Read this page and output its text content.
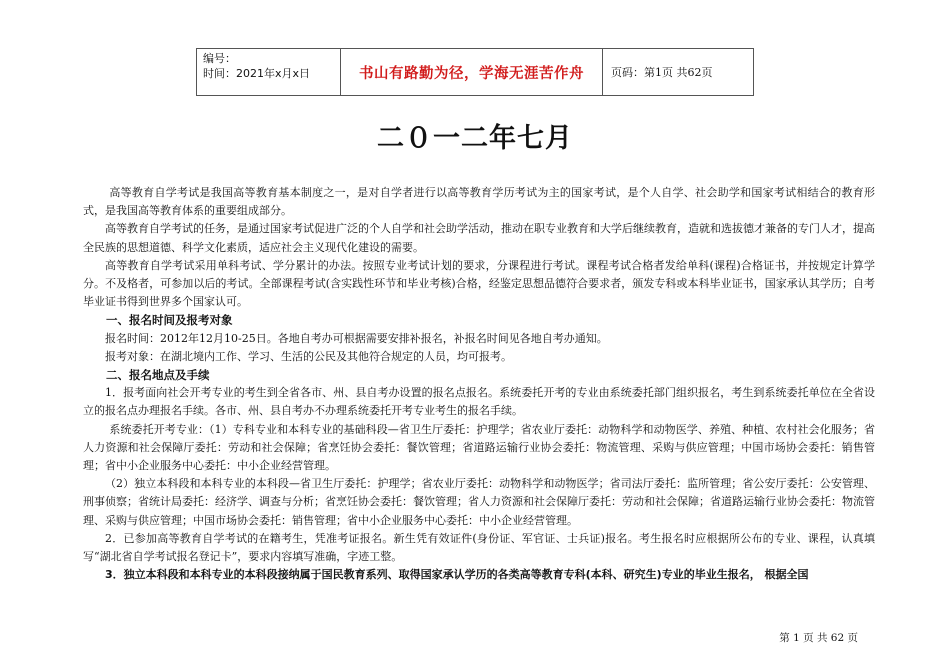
编号：
时间：2021年x月x日	书山有路勤为径，学海无涯苦作舟	页码：第1页 共62页
二０一二年七月

高等教育自学考试是我国高等教育基本制度之一，是对自学者进行以高等教育学历考试为主的国家考试，是个人自学、社会助学和国家考试相结合的教育形式，是我国高等教育体系的重要组成部分。

高等教育自学考试的任务，是通过国家考试促进广泛的个人自学和社会助学活动，推动在职专业教育和大学后继续教育，造就和选拔德才兼备的专门人才，提高全民族的思想道德、科学文化素质，适应社会主义现代化建设的需要。

高等教育自学考试采用单科考试、学分累计的办法。按照专业考试计划的要求，分课程进行考试。课程考试合格者发给单科(课程)合格证书，并按规定计算学分。不及格者，可参加以后的考试。全部课程考试(含实践性环节和毕业考核)合格，经鉴定思想品德符合要求者，颁发专科或本科毕业证书，国家承认其学历；自考毕业证书得到世界多个国家认可。

一、报名时间及报考对象

报名时间：2012年12月10-25日。各地自考办可根据需要安排补报名，补报名时间见各地自考办通知。

报考对象：在湖北境内工作、学习、生活的公民及其他符合规定的人员，均可报考。

二、报名地点及手续

1．报考面向社会开考专业的考生到全省各市、州、县自考办设置的报名点报名。系统委托开考的专业由系统委托部门组织报名，考生到系统委托单位在全省设立的报名点办理报名手续。各市、州、县自考办不办理系统委托开考专业考生的报名手续。

系统委托开考专业：（1）专科专业和本科专业的基础科段—省卫生厅委托：护理学；省农业厅委托：动物科学和动物医学、养殖、种植、农村社会化服务；省人力资源和社会保障厅委托：劳动和社会保障；省烹饪协会委托：餐饮管理；省道路运输行业协会委托：物流管理、采购与供应管理；中国市场协会委托：销售管理；省中小企业服务中心委托：中小企业经营管理。

（2）独立本科段和本科专业的本科段—省卫生厅委托：护理学；省农业厅委托：动物科学和动物医学；省司法厅委托：监所管理；省公安厅委托：公安管理、刑事侦察；省统计局委托：经济学、调查与分析；省烹饪协会委托：餐饮管理；省人力资源和社会保障厅委托：劳动和社会保障；省道路运输行业协会委托：物流管理、采购与供应管理；中国市场协会委托：销售管理；省中小企业服务中心委托：中小企业经营管理。

2．已参加高等教育自学考试的在籍考生，凭准考证报名。新生凭有效证件(身份证、军官证、士兵证)报名。考生报名时应根据所公布的专业、课程，认真填写“湖北省自学考试报名登记卡”，要求内容填写准确，字迹工整。

3．独立本科段和本科专业的本科段接纳属于国民教育系列、取得国家承认学历的各类高等教育专科(本科、研究生)专业的毕业生报名， 根据全国

第 1 页 共 62 页
